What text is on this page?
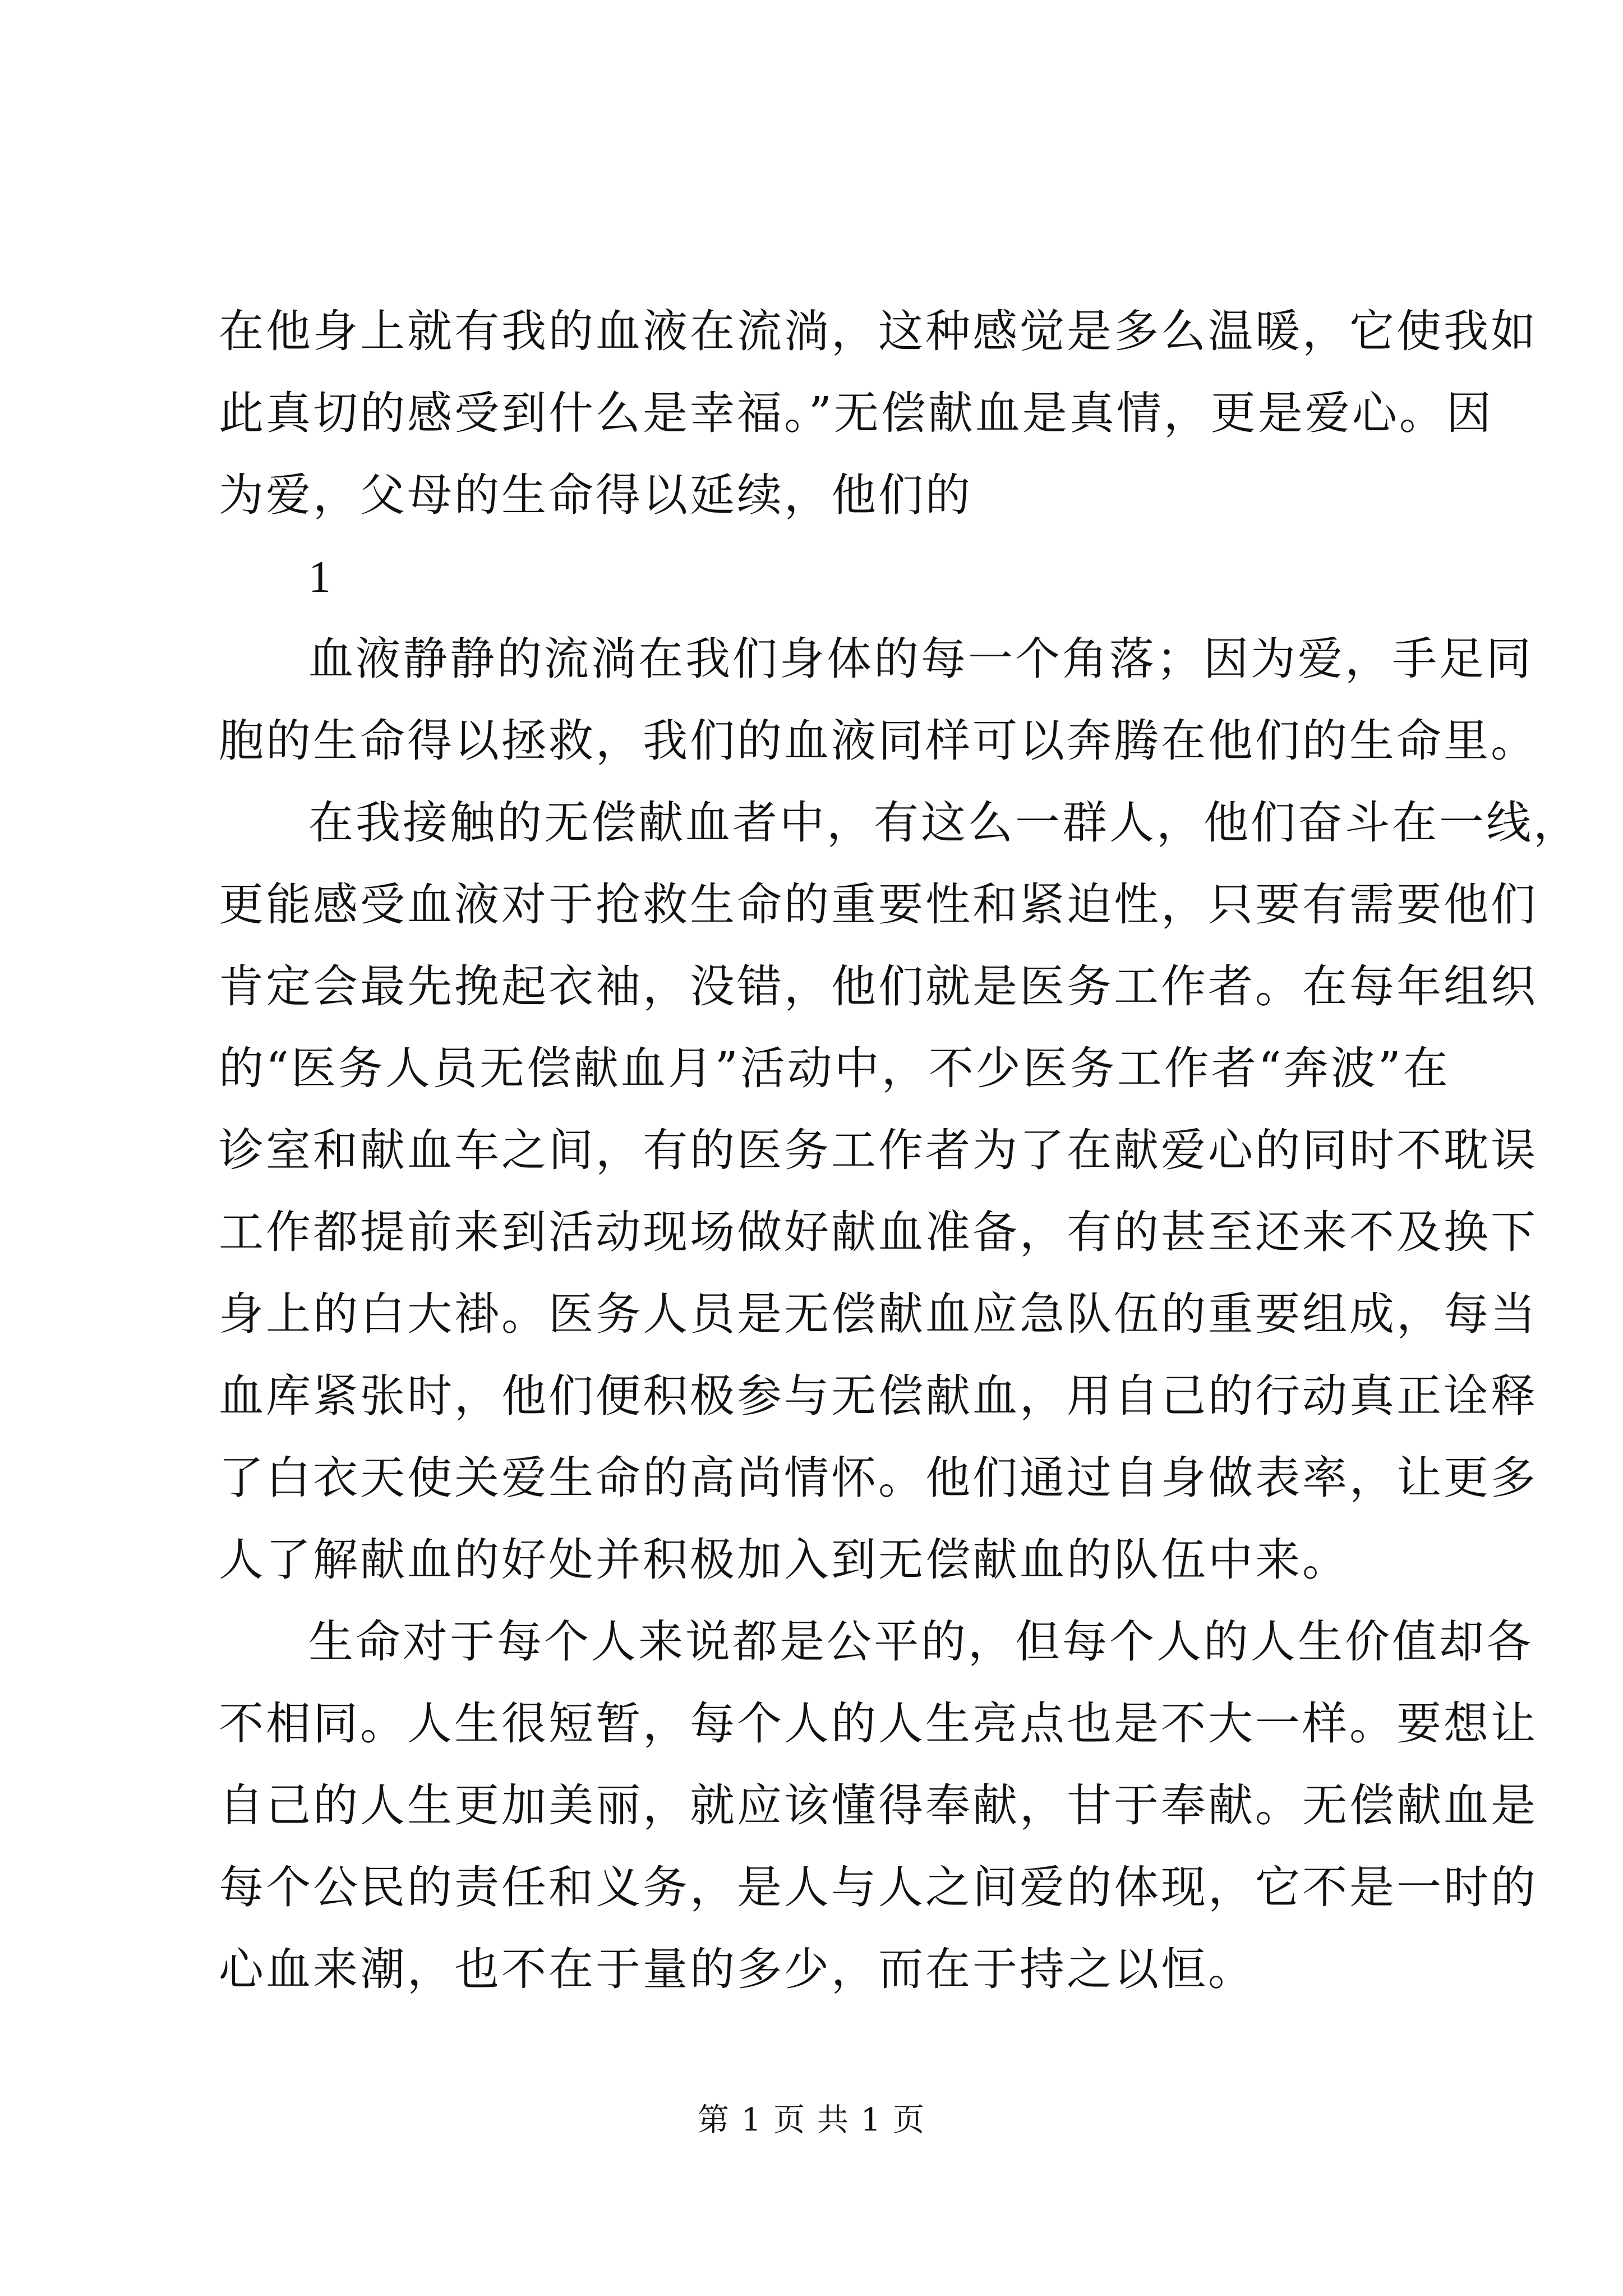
在他身上就有我的血液在流淌，这种感觉是多么温暖，它使我如
此真切的感受到什么是幸福。”无偿献血是真情，更是爱心。因
为爱，父母的生命得以延续，他们的
1
血液静静的流淌在我们身体的每一个角落；因为爱，手足同
胞的生命得以拯救，我们的血液同样可以奔腾在他们的生命里。
在我接触的无偿献血者中，有这么一群人，他们奋斗在一线，
更能感受血液对于抢救生命的重要性和紧迫性，只要有需要他们
肯定会最先挽起衣袖，没错，他们就是医务工作者。在每年组织
的“医务人员无偿献血月”活动中，不少医务工作者“奔波”在
诊室和献血车之间，有的医务工作者为了在献爱心的同时不耽误
工作都提前来到活动现场做好献血准备，有的甚至还来不及换下
身上的白大褂。医务人员是无偿献血应急队伍的重要组成，每当
血库紧张时，他们便积极参与无偿献血，用自己的行动真正诠释
了白衣天使关爱生命的高尚情怀。他们通过自身做表率，让更多
人了解献血的好处并积极加入到无偿献血的队伍中来。
生命对于每个人来说都是公平的，但每个人的人生价值却各
不相同。人生很短暂，每个人的人生亮点也是不大一样。要想让
自己的人生更加美丽，就应该懂得奉献，甘于奉献。无偿献血是
每个公民的责任和义务，是人与人之间爱的体现，它不是一时的
心血来潮，也不在于量的多少，而在于持之以恒。
第 1 页 共 1 页
